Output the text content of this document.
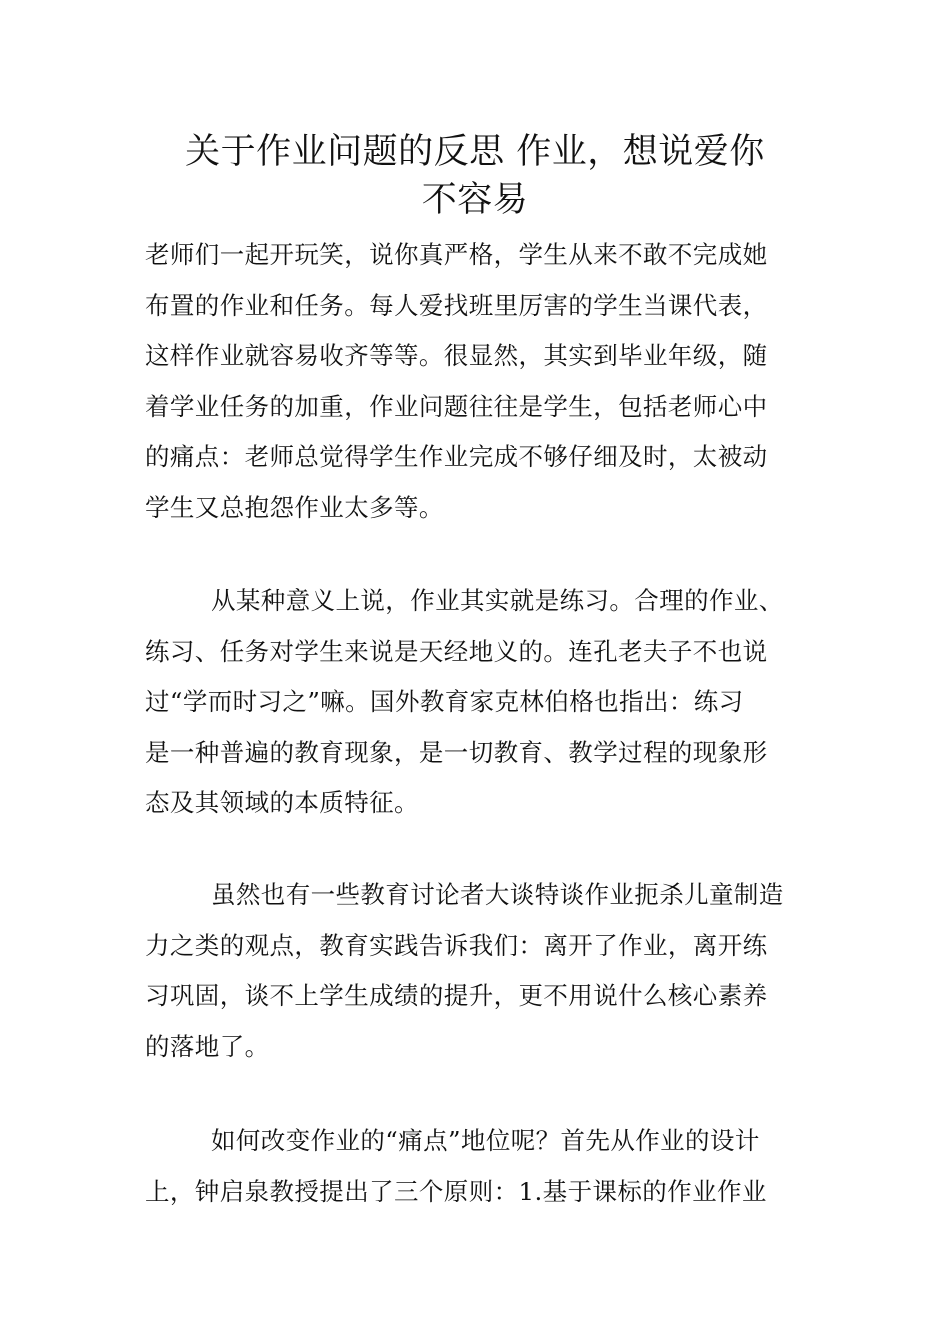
关于作业问题的反思 作业，想说爱你
不容易

老师们一起开玩笑，说你真严格，学生从来不敢不完成她
布置的作业和任务。每人爱找班里厉害的学生当课代表，
这样作业就容易收齐等等。很显然，其实到毕业年级，随
着学业任务的加重，作业问题往往是学生，包括老师心中
的痛点：老师总觉得学生作业完成不够仔细及时，太被动
学生又总抱怨作业太多等。

从某种意义上说，作业其实就是练习。合理的作业、
练习、任务对学生来说是天经地义的。连孔老夫子不也说
过“学而时习之”嘛。国外教育家克林伯格也指出：练习
是一种普遍的教育现象，是一切教育、教学过程的现象形
态及其领域的本质特征。

虽然也有一些教育讨论者大谈特谈作业扼杀儿童制造
力之类的观点，教育实践告诉我们：离开了作业，离开练
习巩固，谈不上学生成绩的提升，更不用说什么核心素养
的落地了。

如何改变作业的“痛点”地位呢？首先从作业的设计
上，钟启泉教授提出了三个原则：1.基于课标的作业作业
